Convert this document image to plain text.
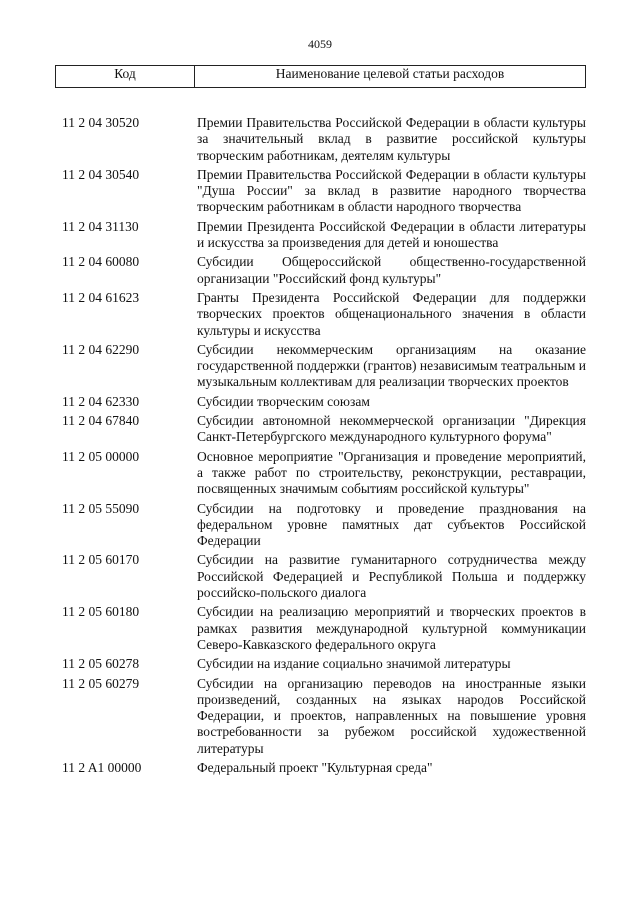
4059
Код	Наименование целевой статьи расходов
11 2 04 30520	Премии Правительства Российской Федерации в области культуры за значительный вклад в развитие российской культуры творческим работникам, деятелям культуры
11 2 04 30540	Премии Правительства Российской Федерации в области культуры "Душа России" за вклад в развитие народного творчества творческим работникам в области народного творчества
11 2 04 31130	Премии Президента Российской Федерации в области литературы и искусства за произведения для детей и юношества
11 2 04 60080	Субсидии Общероссийской общественно-государственной организации "Российский фонд культуры"
11 2 04 61623	Гранты Президента Российской Федерации для поддержки творческих проектов общенационального значения в области культуры и искусства
11 2 04 62290	Субсидии некоммерческим организациям на оказание государственной поддержки (грантов) независимым театральным и музыкальным коллективам для реализации творческих проектов
11 2 04 62330	Субсидии творческим союзам
11 2 04 67840	Субсидии автономной некоммерческой организации "Дирекция Санкт-Петербургского международного культурного форума"
11 2 05 00000	Основное мероприятие "Организация и проведение мероприятий, а также работ по строительству, реконструкции, реставрации, посвященных значимым событиям российской культуры"
11 2 05 55090	Субсидии на подготовку и проведение празднования на федеральном уровне памятных дат субъектов Российской Федерации
11 2 05 60170	Субсидии на развитие гуманитарного сотрудничества между Российской Федерацией и Республикой Польша и поддержку российско-польского диалога
11 2 05 60180	Субсидии на реализацию мероприятий и творческих проектов в рамках развития международной культурной коммуникации Северо-Кавказского федерального округа
11 2 05 60278	Субсидии на издание социально значимой литературы
11 2 05 60279	Субсидии на организацию переводов на иностранные языки произведений, созданных на языках народов Российской Федерации, и проектов, направленных на повышение уровня востребованности за рубежом российской художественной литературы
11 2 A1 00000	Федеральный проект "Культурная среда"
